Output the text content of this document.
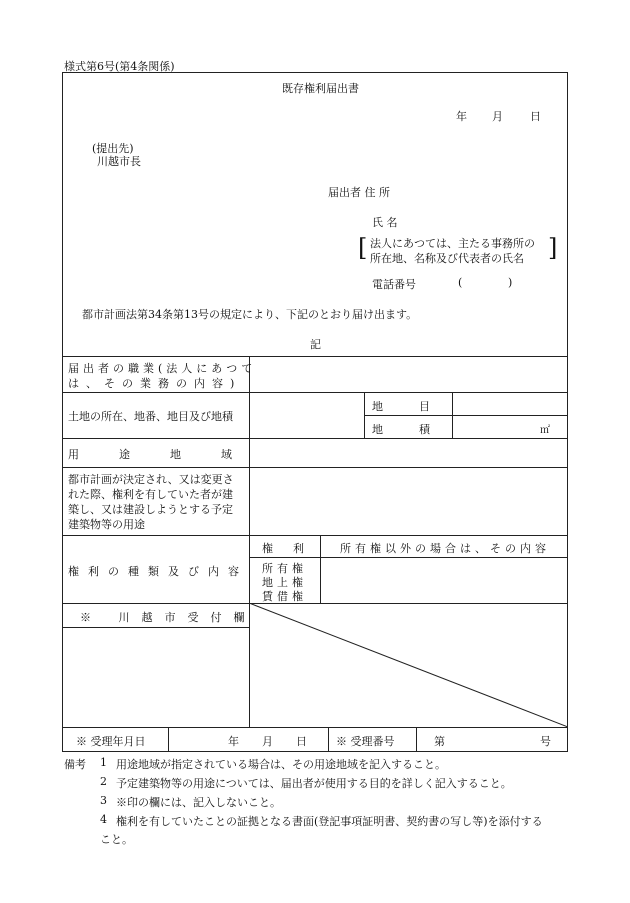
様式第6号(第4条関係)
既存権利届出書
年 月 日
(提出先)
川越市長
届出者 住 所
氏 名
[ 法人にあつては、主たる事務所の
所在地、名称及び代表者の氏名 ]
電話番号	(	)
都市計画法第34条第13号の規定により、下記のとおり届け出ます。
記
届出者の職業(法人にあつて
は、その業務の内容)
土地の所在、地番、地目及び地積
地目
地積	㎡
用途地域
都市計画が決定され、又は変更さ
れた際、権利を有していた者が建
築し、又は建設しようとする予定
建築物等の用途
権利の種類及び内容
権利 所有権以外の場合は、その内容
所有権
地上権
賃借権
※ 川越市受付欄
※ 受理年月日	年 月 日	※ 受理番号	第	号
備考 1 用途地域が指定されている場合は、その用途地域を記入すること。
2 予定建築物等の用途については、届出者が使用する目的を詳しく記入すること。
3 ※印の欄には、記入しないこと。
4 権利を有していたことの証拠となる書面(登記事項証明書、契約書の写し等)を添付する
こと。
